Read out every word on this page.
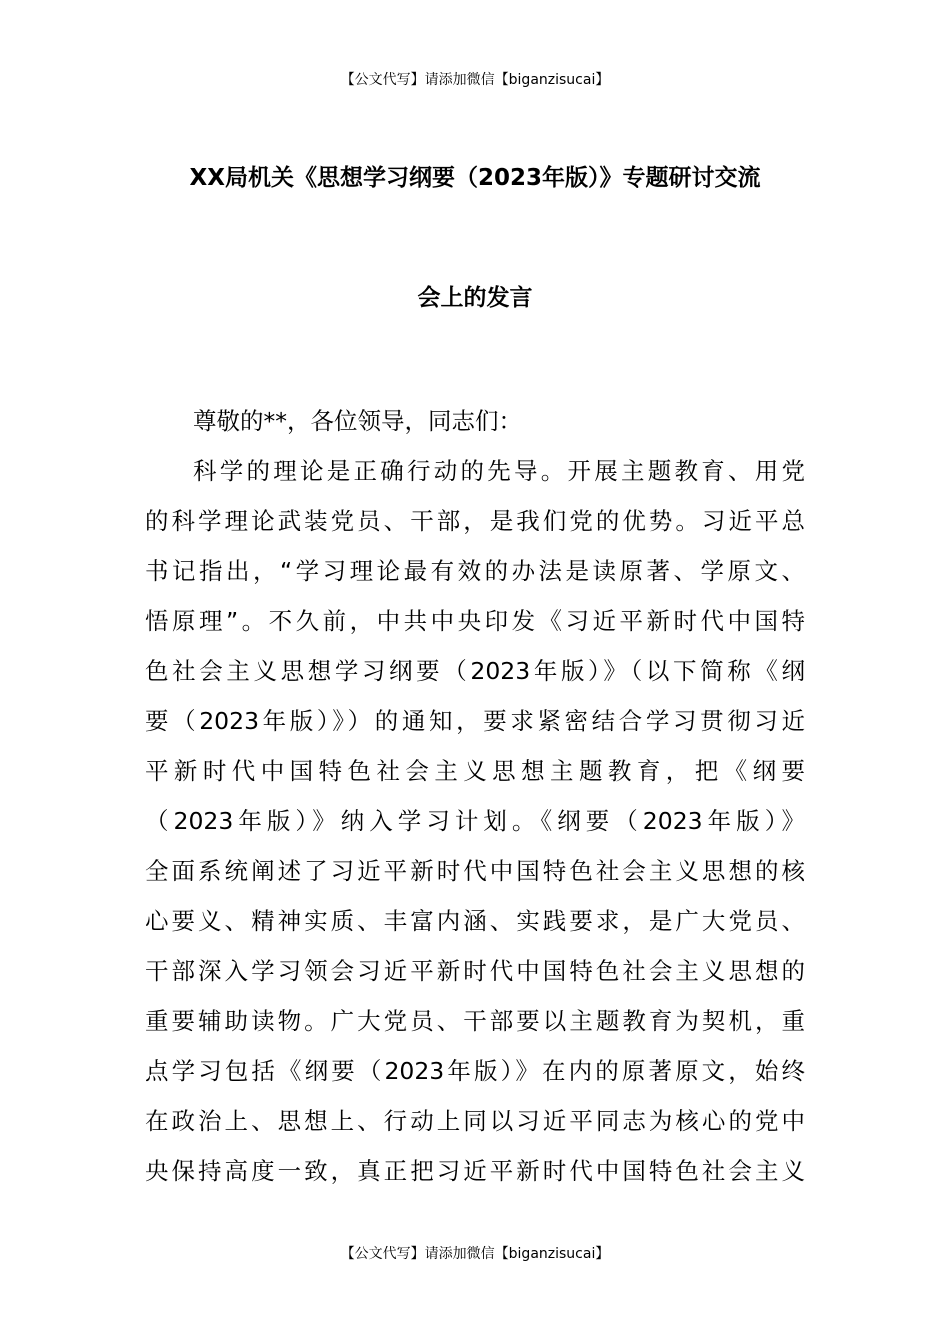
【公文代写】请添加微信【biganzisucai】
XX局机关《思想学习纲要（2023年版）》专题研讨交流
会上的发言
尊敬的**，各位领导，同志们：
科学的理论是正确行动的先导。开展主题教育、用党
的科学理论武装党员、干部，是我们党的优势。习近平总
书记指出，“学习理论最有效的办法是读原著、学原文、
悟原理”。不久前，中共中央印发《习近平新时代中国特
色社会主义思想学习纲要（2023年版）》（以下简称《纲
要（2023年版）》）的通知，要求紧密结合学习贯彻习近
平新时代中国特色社会主义思想主题教育，把《纲要
（2023年版）》纳入学习计划。《纲要（2023年版）》
全面系统阐述了习近平新时代中国特色社会主义思想的核
心要义、精神实质、丰富内涵、实践要求，是广大党员、
干部深入学习领会习近平新时代中国特色社会主义思想的
重要辅助读物。广大党员、干部要以主题教育为契机，重
点学习包括《纲要（2023年版）》在内的原著原文，始终
在政治上、思想上、行动上同以习近平同志为核心的党中
央保持高度一致，真正把习近平新时代中国特色社会主义
【公文代写】请添加微信【biganzisucai】
